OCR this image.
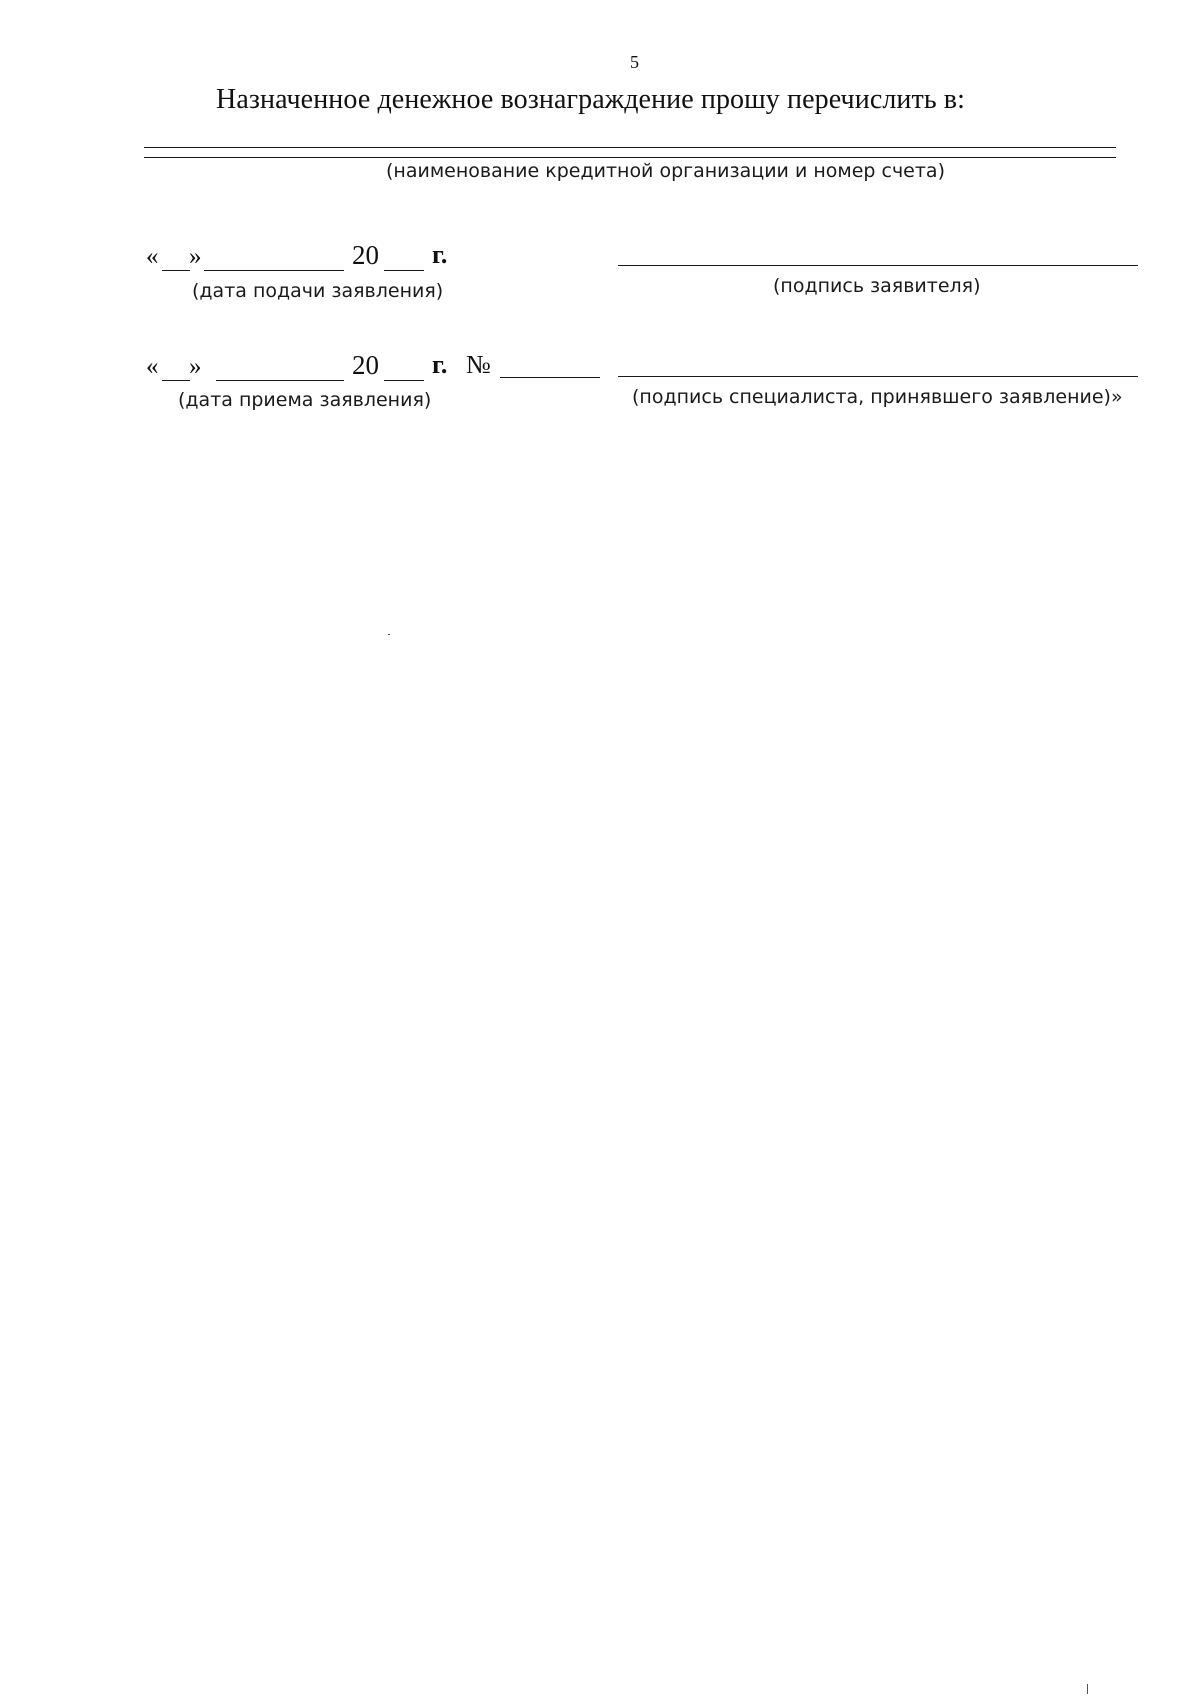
5
Назначенное денежное вознаграждение прошу перечислить в:
(наименование кредитной организации и номер счета)
« »	20 г.
(дата подачи заявления)	(подпись заявителя)
« »	20 г. №
(дата приема заявления)	(подпись специалиста, принявшего заявление)»
